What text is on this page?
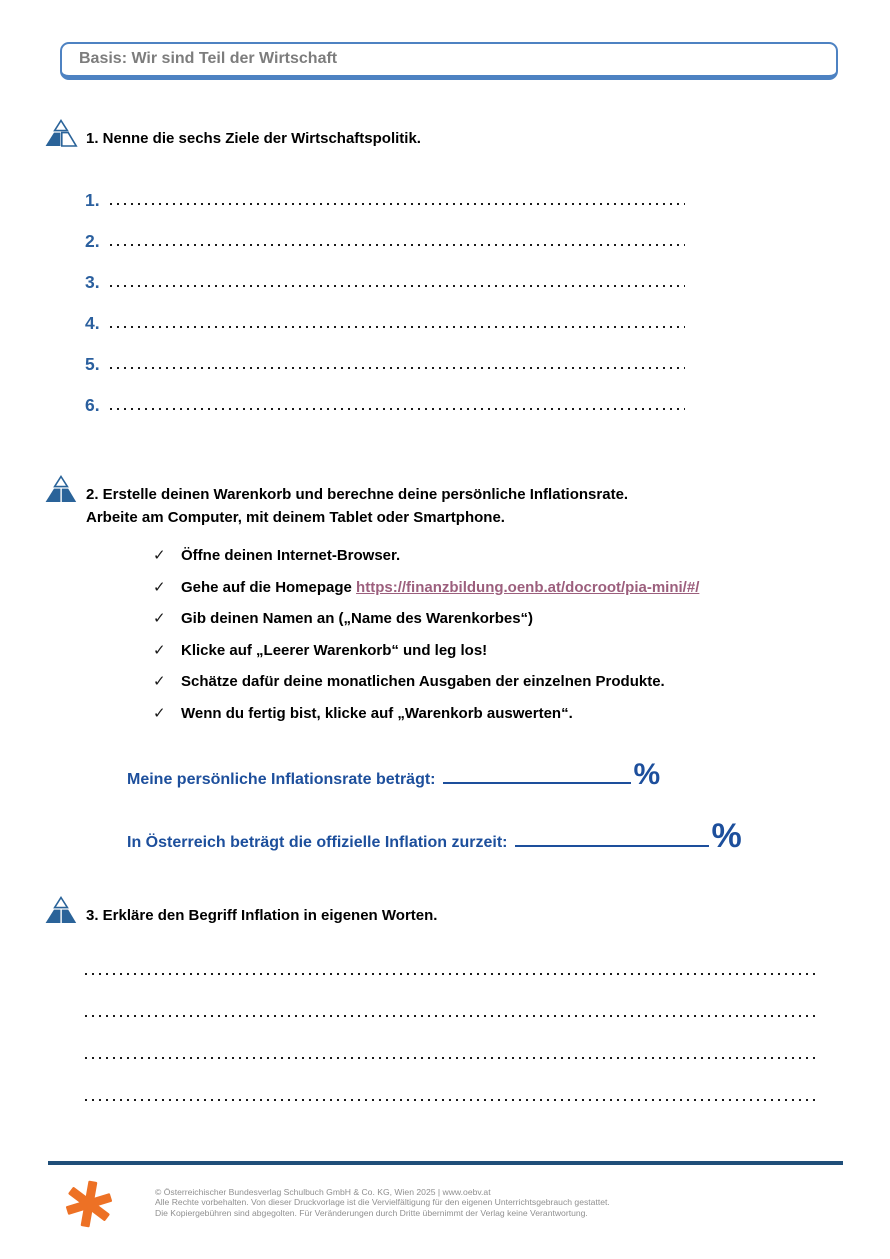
Basis: Wir sind Teil der Wirtschaft
1. Nenne die sechs Ziele der Wirtschaftspolitik.
1.
2.
3.
4.
5.
6.
2. Erstelle deinen Warenkorb und berechne deine persönliche Inflationsrate.
Arbeite am Computer, mit deinem Tablet oder Smartphone.
✓	Öffne deinen Internet-Browser.
✓	Gehe auf die Homepage https://finanzbildung.oenb.at/docroot/pia-mini/#/
✓	Gib deinen Namen an („Name des Warenkorbes“)
✓	Klicke auf „Leerer Warenkorb“ und leg los!
✓	Schätze dafür deine monatlichen Ausgaben der einzelnen Produkte.
✓	Wenn du fertig bist, klicke auf „Warenkorb auswerten“.
Meine persönliche Inflationsrate beträgt:	%
In Österreich beträgt die offizielle Inflation zurzeit:	%
3. Erkläre den Begriff Inflation in eigenen Worten.
© Österreichischer Bundesverlag Schulbuch GmbH & Co. KG, Wien 2025 | www.oebv.at
Alle Rechte vorbehalten. Von dieser Druckvorlage ist die Vervielfältigung für den eigenen Unterrichtsgebrauch gestattet.
Die Kopiergebühren sind abgegolten. Für Veränderungen durch Dritte übernimmt der Verlag keine Verantwortung.
